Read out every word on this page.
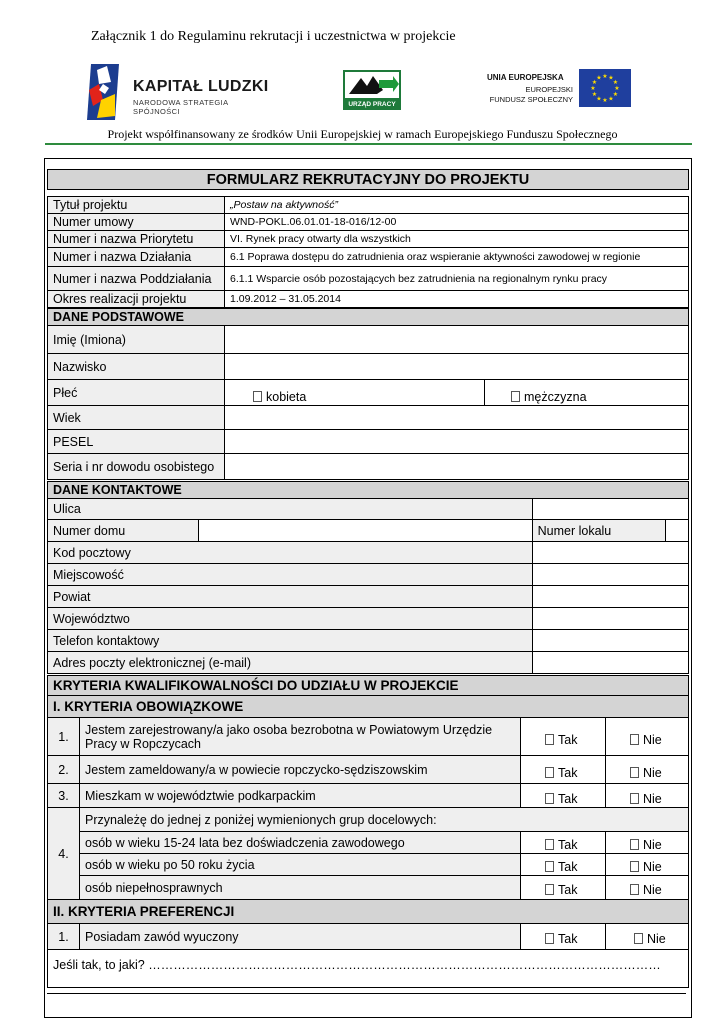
Załącznik 1 do Regulaminu rekrutacji i uczestnictwa w projekcie
KAPITAŁ LUDZKI
NARODOWA STRATEGIA SPÓJNOŚCI
URZĄD PRACY
UNIA EUROPEJSKA
EUROPEJSKI
FUNDUSZ SPOŁECZNY
★ ★
★
★
★
★
★
★
★
★
★
★
Projekt współfinansowany ze środków Unii Europejskiej w ramach Europejskiego Funduszu Społecznego
FORMULARZ REKRUTACYJNY DO PROJEKTU
Tytuł projektu	„Postaw na aktywność”
Numer umowy	WND-POKL.06.01.01-18-016/12-00
Numer i nazwa Priorytetu	VI. Rynek pracy otwarty dla wszystkich
Numer i nazwa Działania	6.1 Poprawa dostępu do zatrudnienia oraz wspieranie aktywności zawodowej w regionie
Numer i nazwa Poddziałania	6.1.1 Wsparcie osób pozostających bez zatrudnienia na regionalnym rynku pracy
Okres realizacji projektu	1.09.2012 – 31.05.2014
DANE PODSTAWOWE		
Imię (Imiona)		
Nazwisko		
Płeć	kobieta	mężczyzna
Wiek		
PESEL		
Seria i nr dowodu osobistego		
DANE KONTAKTOWE			
Ulica			
Numer domu		Numer lokalu	
Kod pocztowy			
Miejscowość			
Powiat			
Województwo			
Telefon kontaktowy			
Adres poczty elektronicznej (e-mail)			
KRYTERIA KWALIFIKOWALNOŚCI DO UDZIAŁU W PROJEKCIE			
I. KRYTERIA OBOWIĄZKOWE			
1.	Jestem zarejestrowany/a jako osoba bezrobotna w Powiatowym Urzędzie Pracy w Ropczycach	Tak	Nie
2.	Jestem zameldowany/a w powiecie ropczycko-sędziszowskim	Tak	Nie
3.	Mieszkam w województwie podkarpackim	Tak	Nie
4.	Przynależę do jednej z poniżej wymienionych grup docelowych:		
	osób w wieku 15-24 lata bez doświadczenia zawodowego	Tak	Nie
	osób w wieku po 50 roku życia	Tak	Nie
	osób niepełnosprawnych	Tak	Nie
II. KRYTERIA PREFERENCJI			
1.	Posiadam zawód wyuczony	Tak	Nie
Jeśli tak, to jaki? ……………………………………………………………………………………………………………			
